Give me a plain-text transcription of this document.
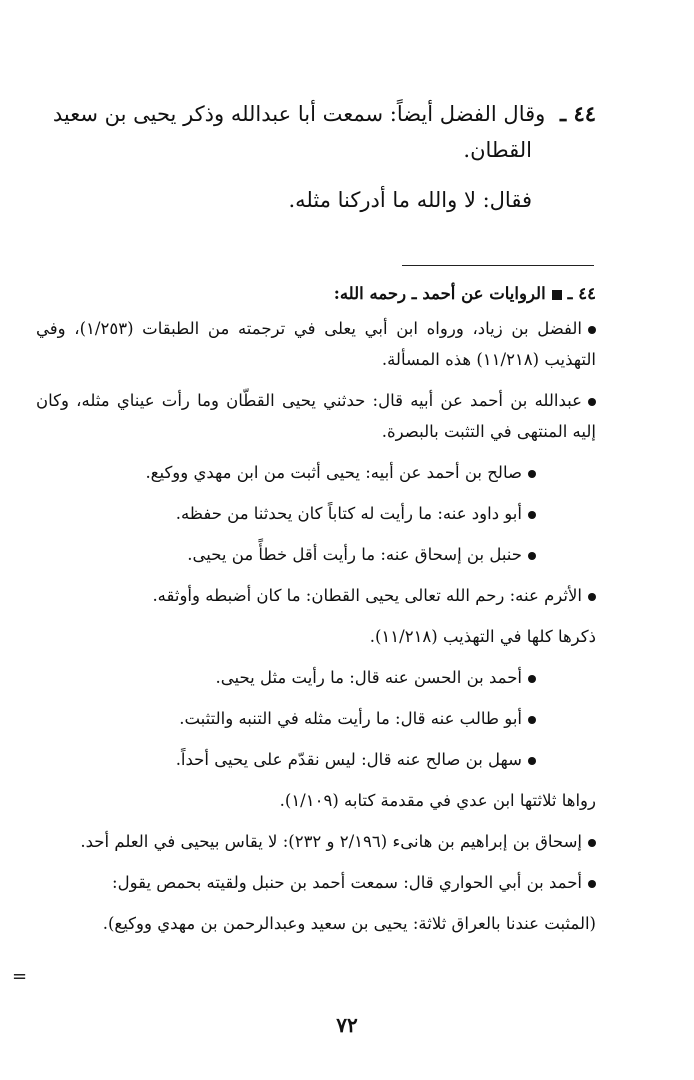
٤٤ ـ وقال الفضل أيضاً: سمعت أبا عبدالله وذكر يحيى بن سعيد

القطان.

فقال: لا والله ما أدركنا مثله.

٤٤ ـالروايات عن أحمد ـ رحمه الله:

الفضل بن زياد، ورواه ابن أبي يعلى في ترجمته من الطبقات (١/٢٥٣)، وفي التهذيب (١١/٢١٨) هذه المسألة.

عبدالله بن أحمد عن أبيه قال: حدثني يحيى القطّان وما رأت عيناي مثله، وكان إليه المنتهى في التثبت بالبصرة.

صالح بن أحمد عن أبيه: يحيى أثبت من ابن مهدي ووكيع.

أبو داود عنه: ما رأيت له كتاباً كان يحدثنا من حفظه.

حنبل بن إسحاق عنه: ما رأيت أقل خطأً من يحيى.

الأثرم عنه: رحم الله تعالى يحيى القطان: ما كان أضبطه وأوثقه.

ذكرها كلها في التهذيب (١١/٢١٨).

أحمد بن الحسن عنه قال: ما رأيت مثل يحيى.

أبو طالب عنه قال: ما رأيت مثله في التنبه والتثبت.

سهل بن صالح عنه قال: ليس نقدّم على يحيى أحداً.

رواها ثلاثتها ابن عدي في مقدمة كتابه (١/١٠٩).

إسحاق بن إبراهيم بن هانىء (٢/١٩٦ و ٢٣٢): لا يقاس بيحيى في العلم أحد.

أحمد بن أبي الحواري قال: سمعت أحمد بن حنبل ولقيته بحمص يقول:

(المثبت عندنا بالعراق ثلاثة: يحيى بن سعيد وعبدالرحمن بن مهدي ووكيع).

=
٧٢
